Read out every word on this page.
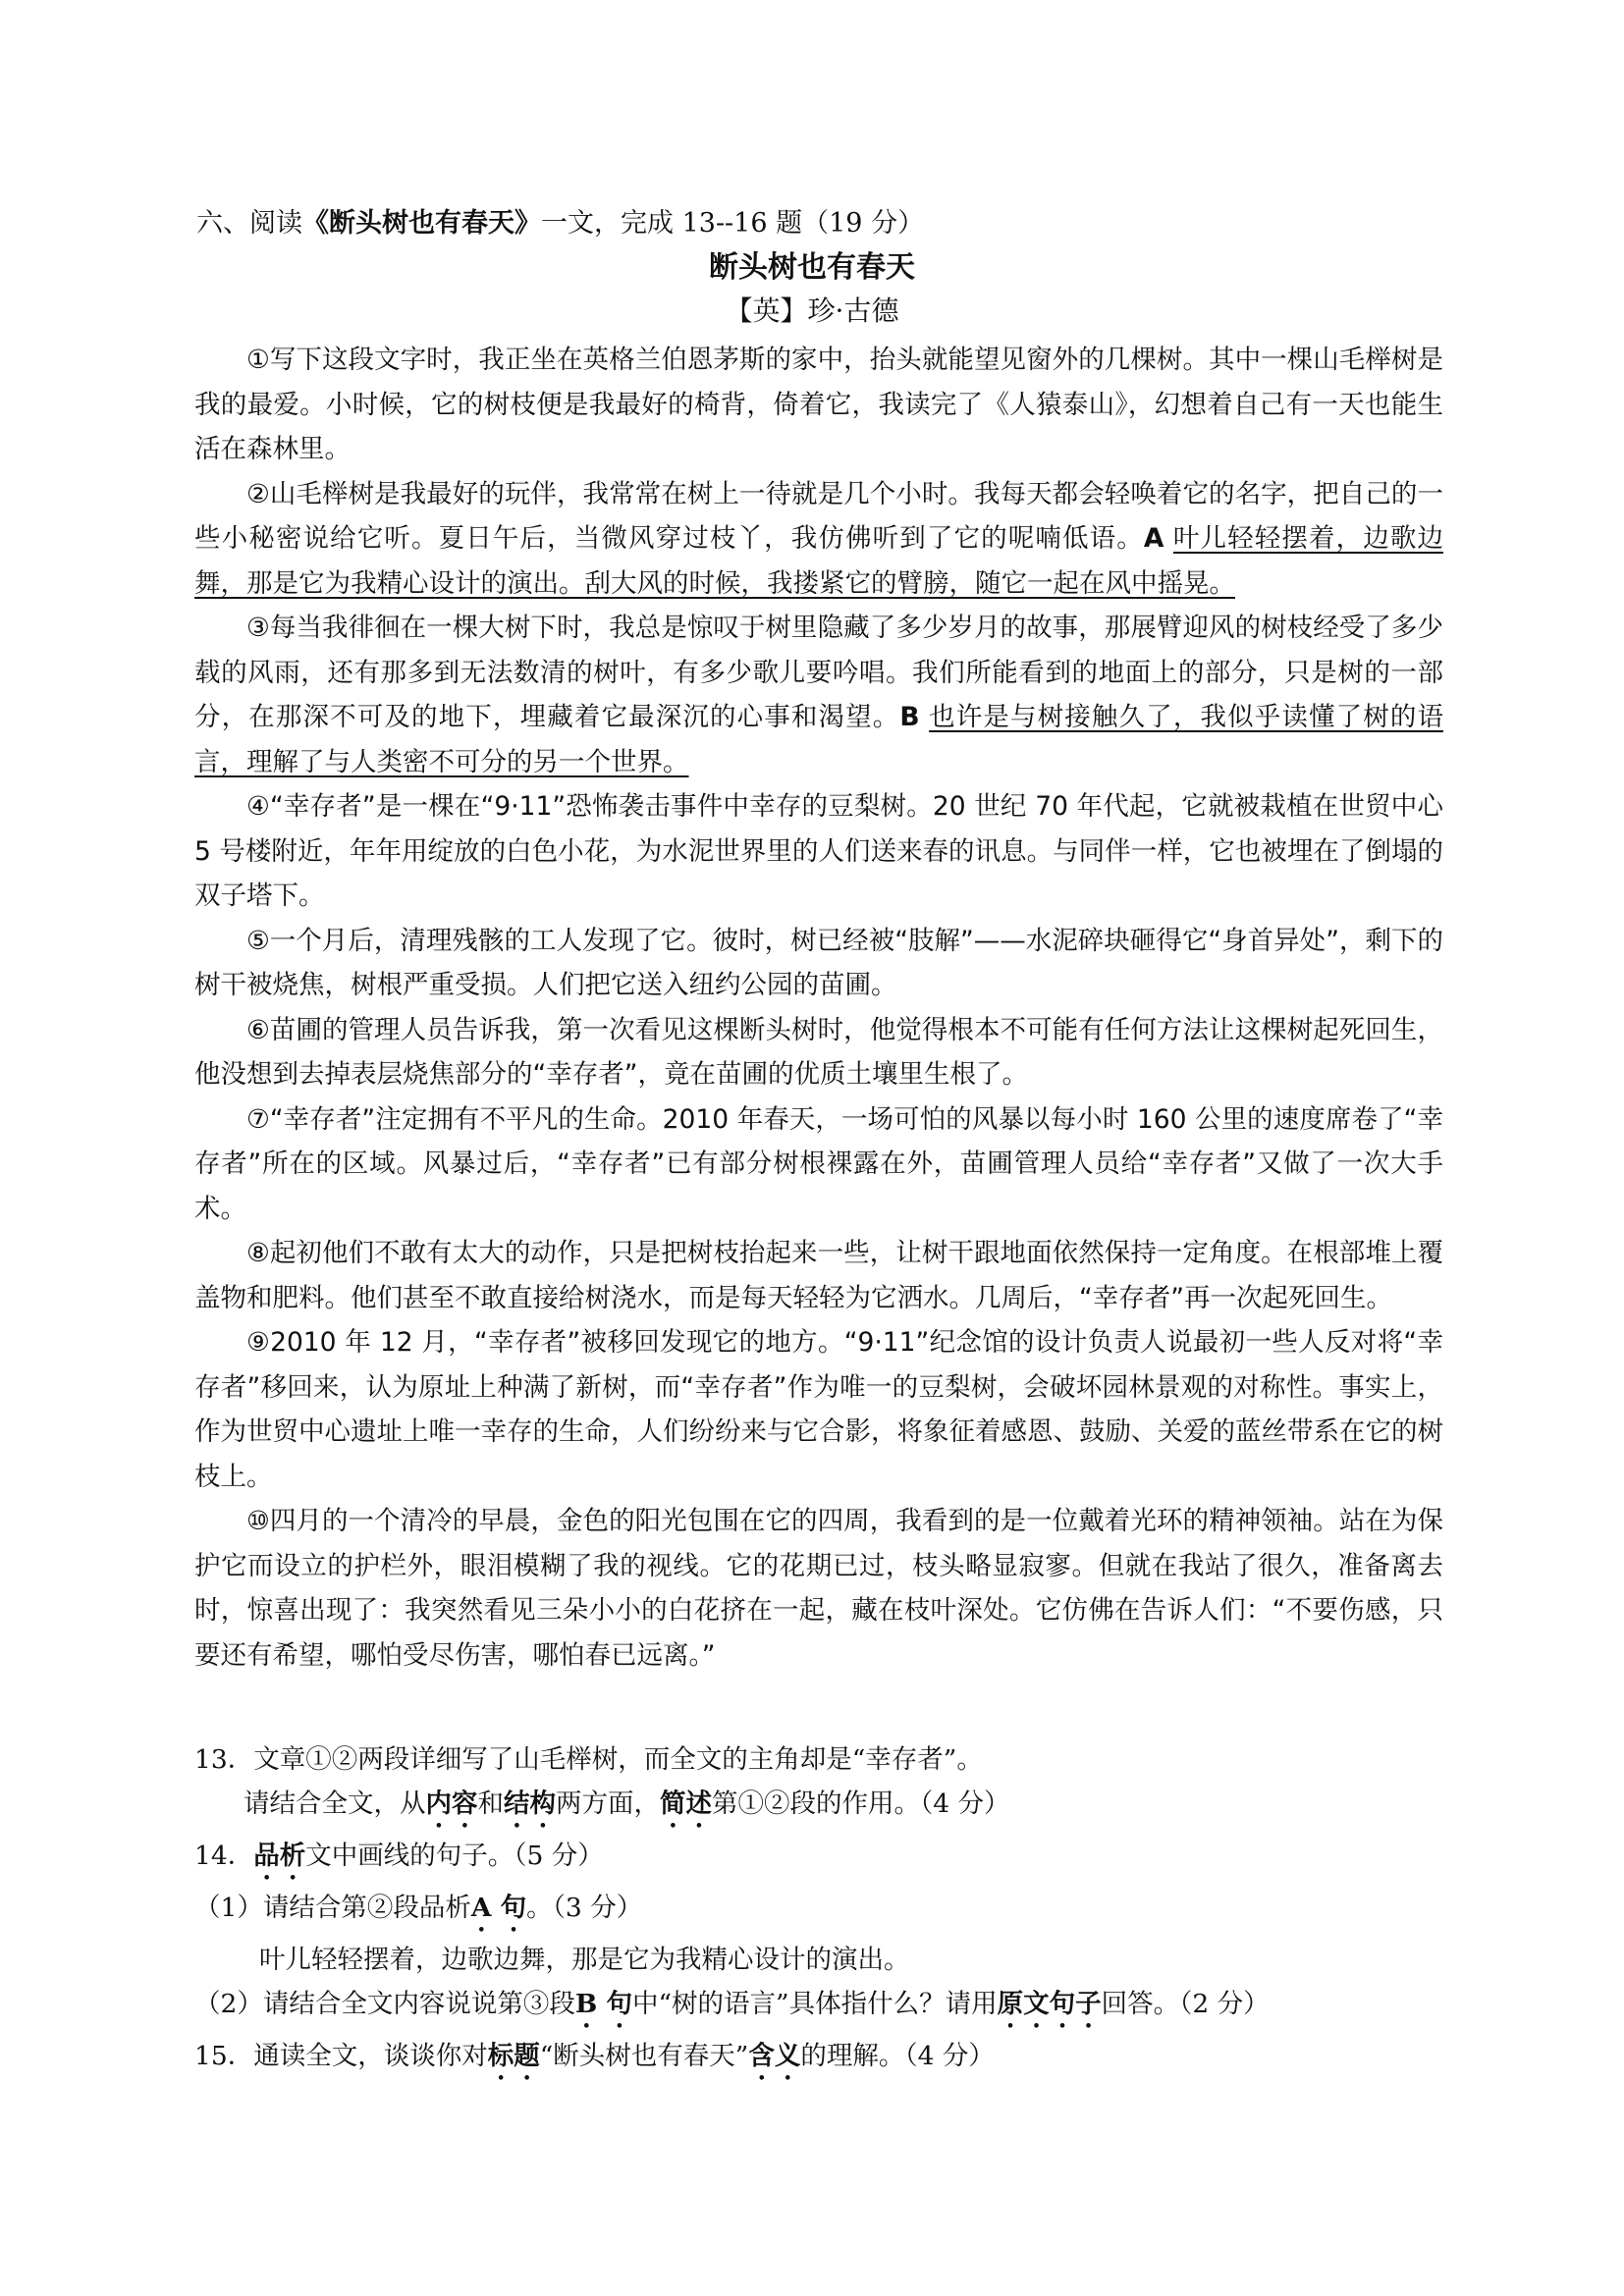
六、阅读《断头树也有春天》一文，完成 13--16 题（19 分）
断头树也有春天
【英】珍·古德

①写下这段文字时，我正坐在英格兰伯恩茅斯的家中，抬头就能望见窗外的几棵树。其中一棵山毛榉树是我的最爱。小时候，它的树枝便是我最好的椅背，倚着它，我读完了《人猿泰山》，幻想着自己有一天也能生活在森林里。

②山毛榉树是我最好的玩伴，我常常在树上一待就是几个小时。我每天都会轻唤着它的名字，把自己的一些小秘密说给它听。夏日午后，当微风穿过枝丫，我仿佛听到了它的呢喃低语。A 叶儿轻轻摆着，边歌边舞，那是它为我精心设计的演出。刮大风的时候，我搂紧它的臂膀，随它一起在风中摇晃。

③每当我徘徊在一棵大树下时，我总是惊叹于树里隐藏了多少岁月的故事，那展臂迎风的树枝经受了多少载的风雨，还有那多到无法数清的树叶，有多少歌儿要吟唱。我们所能看到的地面上的部分，只是树的一部分，在那深不可及的地下，埋藏着它最深沉的心事和渴望。B 也许是与树接触久了，我似乎读懂了树的语言，理解了与人类密不可分的另一个世界。

④“幸存者”是一棵在“9·11”恐怖袭击事件中幸存的豆梨树。20 世纪 70 年代起，它就被栽植在世贸中心 5 号楼附近，年年用绽放的白色小花，为水泥世界里的人们送来春的讯息。与同伴一样，它也被埋在了倒塌的双子塔下。

⑤一个月后，清理残骸的工人发现了它。彼时，树已经被“肢解”——水泥碎块砸得它“身首异处”，剩下的树干被烧焦，树根严重受损。人们把它送入纽约公园的苗圃。

⑥苗圃的管理人员告诉我，第一次看见这棵断头树时，他觉得根本不可能有任何方法让这棵树起死回生，他没想到去掉表层烧焦部分的“幸存者”，竟在苗圃的优质土壤里生根了。

⑦“幸存者”注定拥有不平凡的生命。2010 年春天，一场可怕的风暴以每小时 160 公里的速度席卷了“幸存者”所在的区域。风暴过后，“幸存者”已有部分树根裸露在外，苗圃管理人员给“幸存者”又做了一次大手术。

⑧起初他们不敢有太大的动作，只是把树枝抬起来一些，让树干跟地面依然保持一定角度。在根部堆上覆盖物和肥料。他们甚至不敢直接给树浇水，而是每天轻轻为它洒水。几周后，“幸存者”再一次起死回生。

⑨2010 年 12 月，“幸存者”被移回发现它的地方。“9·11”纪念馆的设计负责人说最初一些人反对将“幸存者”移回来，认为原址上种满了新树，而“幸存者”作为唯一的豆梨树，会破坏园林景观的对称性。事实上，作为世贸中心遗址上唯一幸存的生命，人们纷纷来与它合影，将象征着感恩、鼓励、关爱的蓝丝带系在它的树枝上。

⑩四月的一个清冷的早晨，金色的阳光包围在它的四周，我看到的是一位戴着光环的精神领袖。站在为保护它而设立的护栏外，眼泪模糊了我的视线。它的花期已过，枝头略显寂寥。但就在我站了很久，准备离去时，惊喜出现了：我突然看见三朵小小的白花挤在一起，藏在枝叶深处。它仿佛在告诉人们：“不要伤感，只要还有希望，哪怕受尽伤害，哪怕春已远离。”

13．文章①②两段详细写了山毛榉树，而全文的主角却是“幸存者”。
请结合全文，从内容和结构两方面，简述第①②段的作用。（4 分）
14．品析文中画线的句子。（5 分）
（1）请结合第②段品析A 句。（3 分）
叶儿轻轻摆着，边歌边舞，那是它为我精心设计的演出。
（2）请结合全文内容说说第③段B 句中“树的语言”具体指什么？请用原文句子回答。（2 分）
15．通读全文，谈谈你对标题“断头树也有春天”含义的理解。（4 分）
